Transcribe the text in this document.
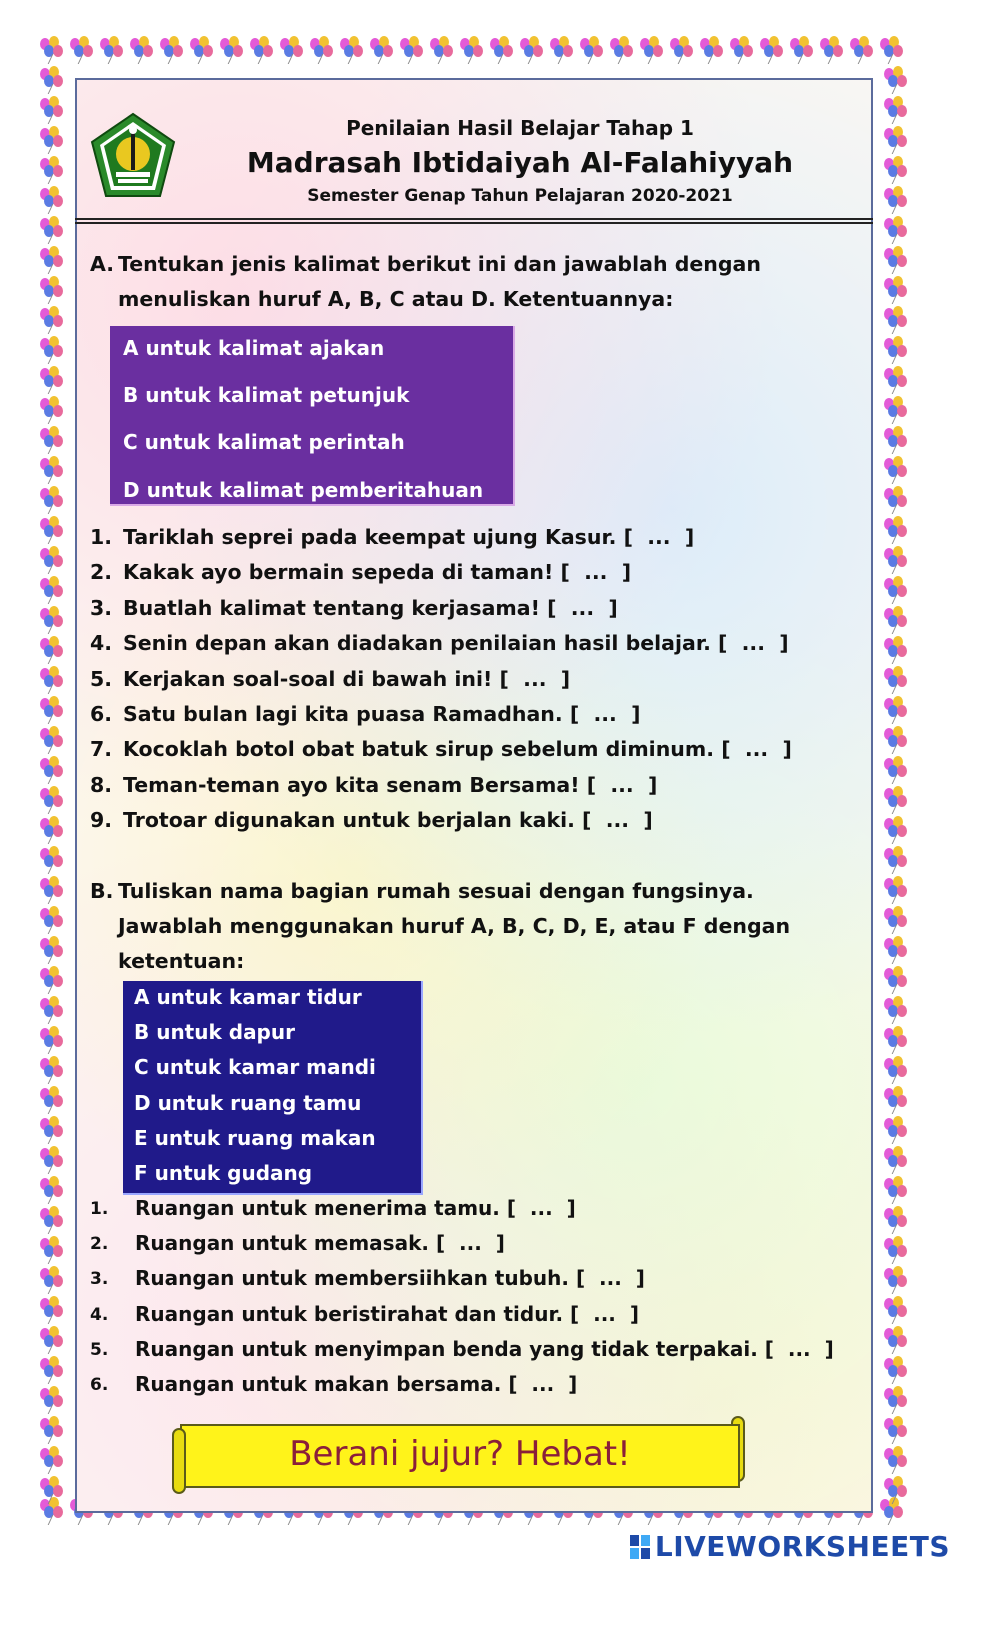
Penilaian Hasil Belajar Tahap 1
Madrasah Ibtidaiyah Al-Falahiyyah
Semester Genap Tahun Pelajaran 2020-2021
A. Tentukan jenis kalimat berikut ini dan jawablah dengan
menuliskan huruf A, B, C atau D. Ketentuannya:
A untuk kalimat ajakan
B untuk kalimat petunjuk
C untuk kalimat perintah
D untuk kalimat pemberitahuan
1. Tariklah seprei pada keempat ujung Kasur. [  ...  ]
2. Kakak ayo bermain sepeda di taman! [  ...  ]
3. Buatlah kalimat tentang kerjasama! [  ...  ]
4. Senin depan akan diadakan penilaian hasil belajar. [  ...  ]
5. Kerjakan soal-soal di bawah ini! [  ...  ]
6. Satu bulan lagi kita puasa Ramadhan. [  ...  ]
7. Kocoklah botol obat batuk sirup sebelum diminum. [  ...  ]
8. Teman-teman ayo kita senam Bersama! [  ...  ]
9. Trotoar digunakan untuk berjalan kaki. [  ...  ]
B. Tuliskan nama bagian rumah sesuai dengan fungsinya.
Jawablah menggunakan huruf A, B, C, D, E, atau F dengan
ketentuan:
A untuk kamar tidur
B untuk dapur
C untuk kamar mandi
D untuk ruang tamu
E untuk ruang makan
F untuk gudang
1. Ruangan untuk menerima tamu. [  ...  ]
2. Ruangan untuk memasak. [  ...  ]
3. Ruangan untuk membersiihkan tubuh. [  ...  ]
4. Ruangan untuk beristirahat dan tidur. [  ...  ]
5. Ruangan untuk menyimpan benda yang tidak terpakai. [  ...  ]
6. Ruangan untuk makan bersama. [  ...  ]
Berani jujur? Hebat!
LIVEWORKSHEETS
